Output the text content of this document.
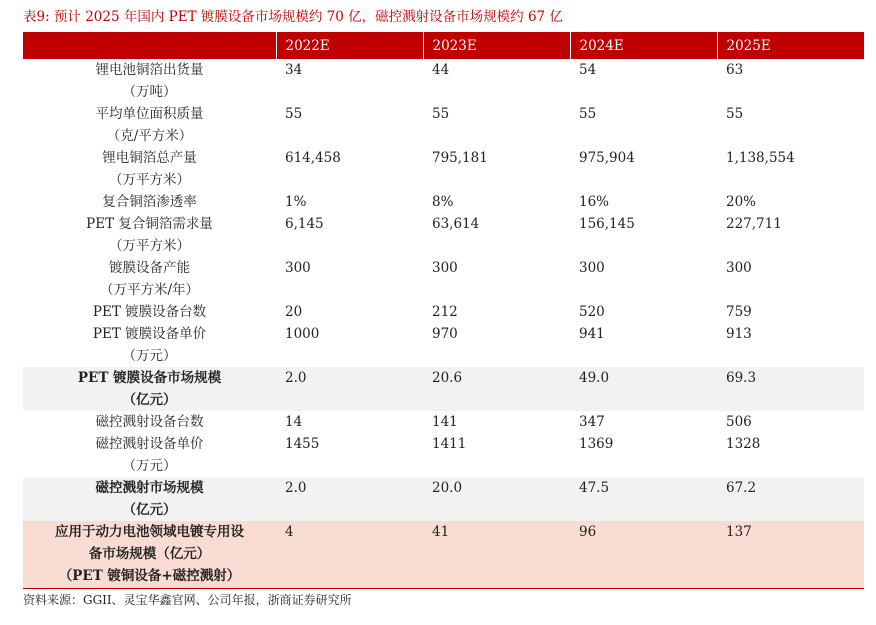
表9: 预计 2025 年国内 PET 镀膜设备市场规模约 70 亿，磁控溅射设备市场规模约 67 亿
	2022E	2023E	2024E	2025E
锂电池铜箔出货量
（万吨）	34	44	54	63
平均单位面积质量
（克/平方米）	55	55	55	55
锂电铜箔总产量
（万平方米）	614,458	795,181	975,904	1,138,554
复合铜箔渗透率	1%	8%	16%	20%
PET 复合铜箔需求量
（万平方米）	6,145	63,614	156,145	227,711
镀膜设备产能
（万平方米/年）	300	300	300	300
PET 镀膜设备台数	20	212	520	759
PET 镀膜设备单价
（万元）	1000	970	941	913
PET 镀膜设备市场规模
（亿元）	2.0	20.6	49.0	69.3
磁控溅射设备台数	14	141	347	506
磁控溅射设备单价
（万元）	1455	1411	1369	1328
磁控溅射市场规模
（亿元）	2.0	20.0	47.5	67.2
应用于动力电池领域电镀专用设
备市场规模（亿元）
（PET 镀铜设备+磁控溅射）	4	41	96	137
资料来源：GGII、灵宝华鑫官网、公司年报，浙商证券研究所
